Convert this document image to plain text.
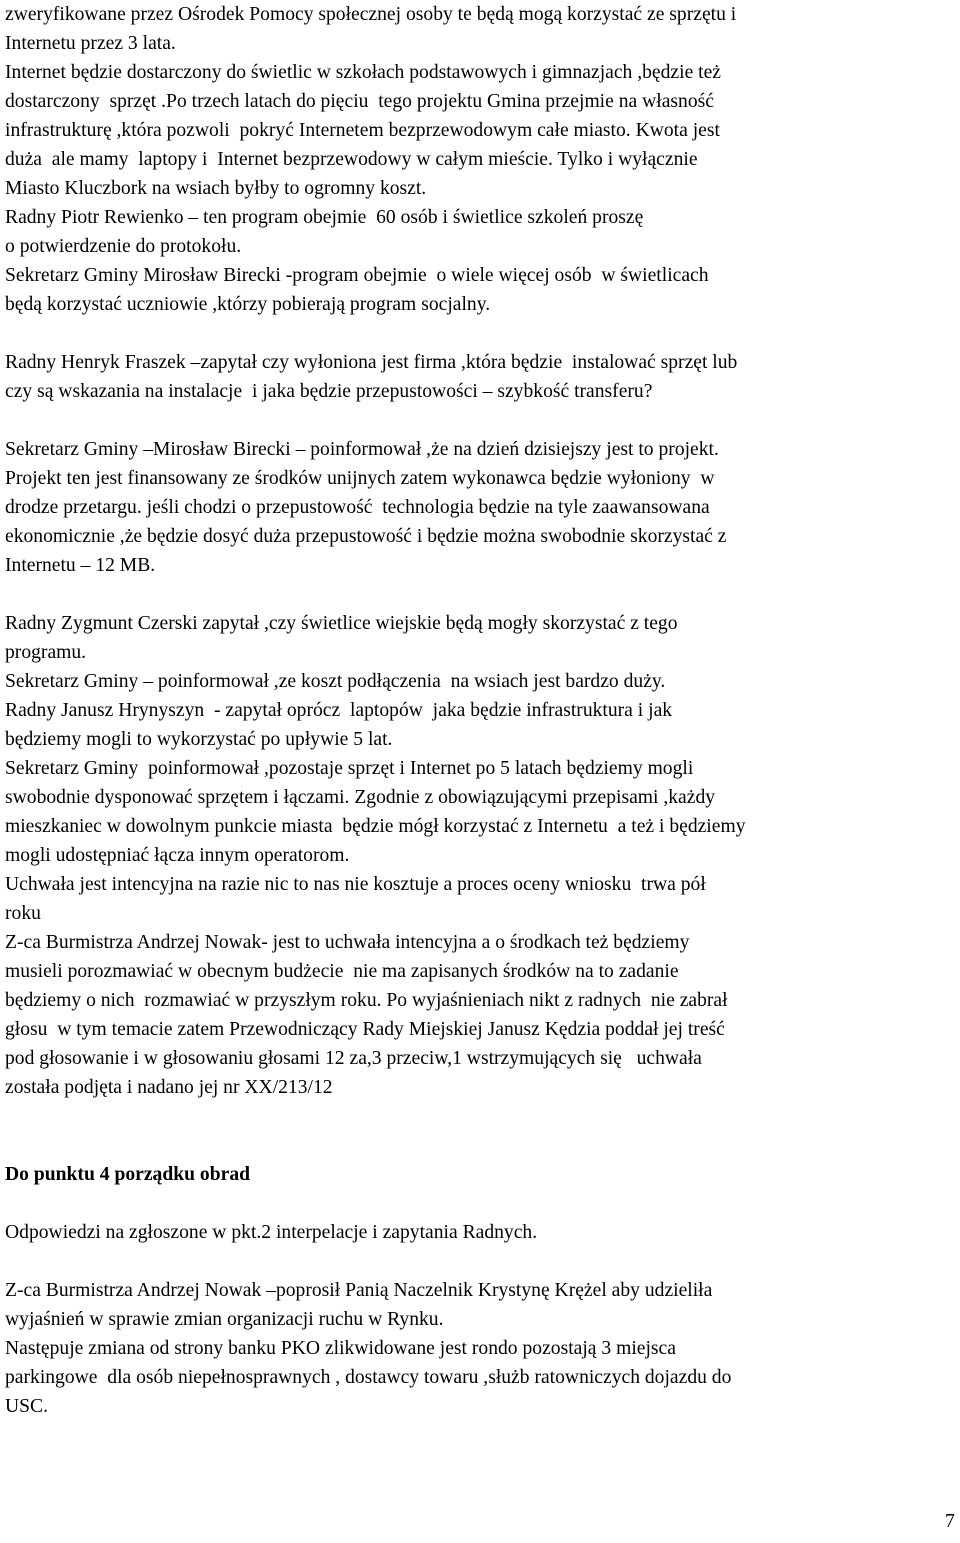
zweryfikowane przez Ośrodek Pomocy społecznej osoby te będą mogą korzystać ze sprzętu i
Internetu przez 3 lata.
Internet będzie dostarczony do świetlic w szkołach podstawowych i gimnazjach ,będzie też
dostarczony  sprzęt .Po trzech latach do pięciu  tego projektu Gmina przejmie na własność
infrastrukturę ,która pozwoli  pokryć Internetem bezprzewodowym całe miasto. Kwota jest
duża  ale mamy  laptopy i  Internet bezprzewodowy w całym mieście. Tylko i wyłącznie
Miasto Kluczbork na wsiach byłby to ogromny koszt.
Radny Piotr Rewienko – ten program obejmie  60 osób i świetlice szkoleń proszę
o potwierdzenie do protokołu.
Sekretarz Gminy Mirosław Birecki -program obejmie  o wiele więcej osób  w świetlicach
będą korzystać uczniowie ,którzy pobierają program socjalny.
Radny Henryk Fraszek –zapytał czy wyłoniona jest firma ,która będzie  instalować sprzęt lub
czy są wskazania na instalacje  i jaka będzie przepustowości – szybkość transferu?
Sekretarz Gminy –Mirosław Birecki – poinformował ,że na dzień dzisiejszy jest to projekt.
Projekt ten jest finansowany ze środków unijnych zatem wykonawca będzie wyłoniony  w
drodze przetargu. jeśli chodzi o przepustowość  technologia będzie na tyle zaawansowana
ekonomicznie ,że będzie dosyć duża przepustowość i będzie można swobodnie skorzystać z
Internetu – 12 MB.
Radny Zygmunt Czerski zapytał ,czy świetlice wiejskie będą mogły skorzystać z tego
programu.
Sekretarz Gminy – poinformował ,ze koszt podłączenia  na wsiach jest bardzo duży.
Radny Janusz Hrynyszyn  - zapytał oprócz  laptopów  jaka będzie infrastruktura i jak
będziemy mogli to wykorzystać po upływie 5 lat.
Sekretarz Gminy  poinformował ,pozostaje sprzęt i Internet po 5 latach będziemy mogli
swobodnie dysponować sprzętem i łączami. Zgodnie z obowiązującymi przepisami ,każdy
mieszkaniec w dowolnym punkcie miasta  będzie mógł korzystać z Internetu  a też i będziemy
mogli udostępniać łącza innym operatorom.
Uchwała jest intencyjna na razie nic to nas nie kosztuje a proces oceny wniosku  trwa pół
roku
Z-ca Burmistrza Andrzej Nowak- jest to uchwała intencyjna a o środkach też będziemy
musieli porozmawiać w obecnym budżecie  nie ma zapisanych środków na to zadanie
będziemy o nich  rozmawiać w przyszłym roku. Po wyjaśnieniach nikt z radnych  nie zabrał
głosu  w tym temacie zatem Przewodniczący Rady Miejskiej Janusz Kędzia poddał jej treść
pod głosowanie i w głosowaniu głosami 12 za,3 przeciw,1 wstrzymujących się   uchwała
została podjęta i nadano jej nr XX/213/12
Do punktu 4 porządku obrad
Odpowiedzi na zgłoszone w pkt.2 interpelacje i zapytania Radnych.
Z-ca Burmistrza Andrzej Nowak –poprosił Panią Naczelnik Krystynę Krężel aby udzieliła
wyjaśnień w sprawie zmian organizacji ruchu w Rynku.
Następuje zmiana od strony banku PKO zlikwidowane jest rondo pozostają 3 miejsca
parkingowe  dla osób niepełnosprawnych , dostawcy towaru ,służb ratowniczych dojazdu do
USC.
7
